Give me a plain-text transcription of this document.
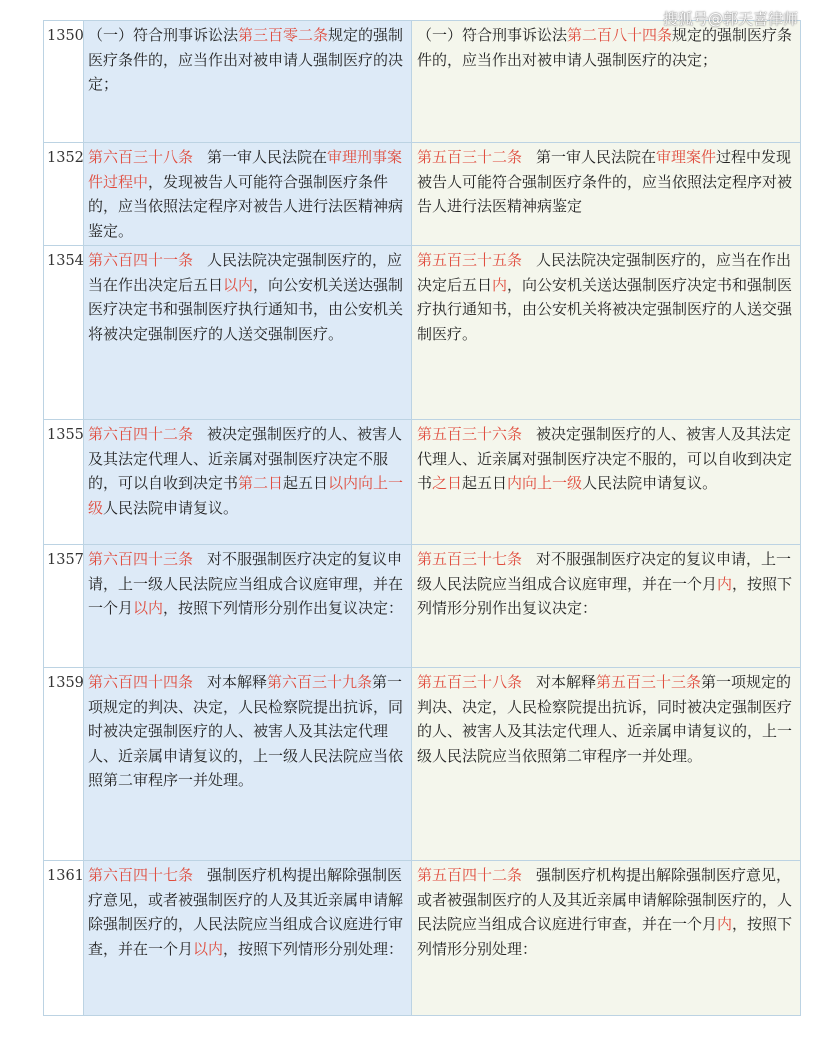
1350	（一）符合刑事诉讼法第三百零二条规定的强制医疗条件的，应当作出对被申请人强制医疗的决定；	（一）符合刑事诉讼法第二百八十四条规定的强制医疗条件的，应当作出对被申请人强制医疗的决定；
1352	第六百三十八条 第一审人民法院在审理刑事案件过程中，发现被告人可能符合强制医疗条件的，应当依照法定程序对被告人进行法医精神病鉴定。	第五百三十二条 第一审人民法院在审理案件过程中发现被告人可能符合强制医疗条件的，应当依照法定程序对被告人进行法医精神病鉴定
1354	第六百四十一条 人民法院决定强制医疗的，应当在作出决定后五日以内，向公安机关送达强制医疗决定书和强制医疗执行通知书，由公安机关将被决定强制医疗的人送交强制医疗。	第五百三十五条 人民法院决定强制医疗的，应当在作出决定后五日内，向公安机关送达强制医疗决定书和强制医疗执行通知书，由公安机关将被决定强制医疗的人送交强制医疗。
1355	第六百四十二条 被决定强制医疗的人、被害人及其法定代理人、近亲属对强制医疗决定不服的，可以自收到决定书第二日起五日以内向上一级人民法院申请复议。	第五百三十六条 被决定强制医疗的人、被害人及其法定代理人、近亲属对强制医疗决定不服的，可以自收到决定书之日起五日内向上一级人民法院申请复议。
1357	第六百四十三条 对不服强制医疗决定的复议申请，上一级人民法院应当组成合议庭审理，并在一个月以内，按照下列情形分别作出复议决定：	第五百三十七条 对不服强制医疗决定的复议申请，上一级人民法院应当组成合议庭审理，并在一个月内，按照下列情形分别作出复议决定：
1359	第六百四十四条 对本解释第六百三十九条第一项规定的判决、决定，人民检察院提出抗诉，同时被决定强制医疗的人、被害人及其法定代理人、近亲属申请复议的，上一级人民法院应当依照第二审程序一并处理。	第五百三十八条 对本解释第五百三十三条第一项规定的判决、决定，人民检察院提出抗诉，同时被决定强制医疗的人、被害人及其法定代理人、近亲属申请复议的，上一级人民法院应当依照第二审程序一并处理。
1361	第六百四十七条 强制医疗机构提出解除强制医疗意见，或者被强制医疗的人及其近亲属申请解除强制医疗的，人民法院应当组成合议庭进行审查，并在一个月以内，按照下列情形分别处理：	第五百四十二条 强制医疗机构提出解除强制医疗意见，或者被强制医疗的人及其近亲属申请解除强制医疗的，人民法院应当组成合议庭进行审查，并在一个月内，按照下列情形分别处理：
搜狐号@郭天喜律师
